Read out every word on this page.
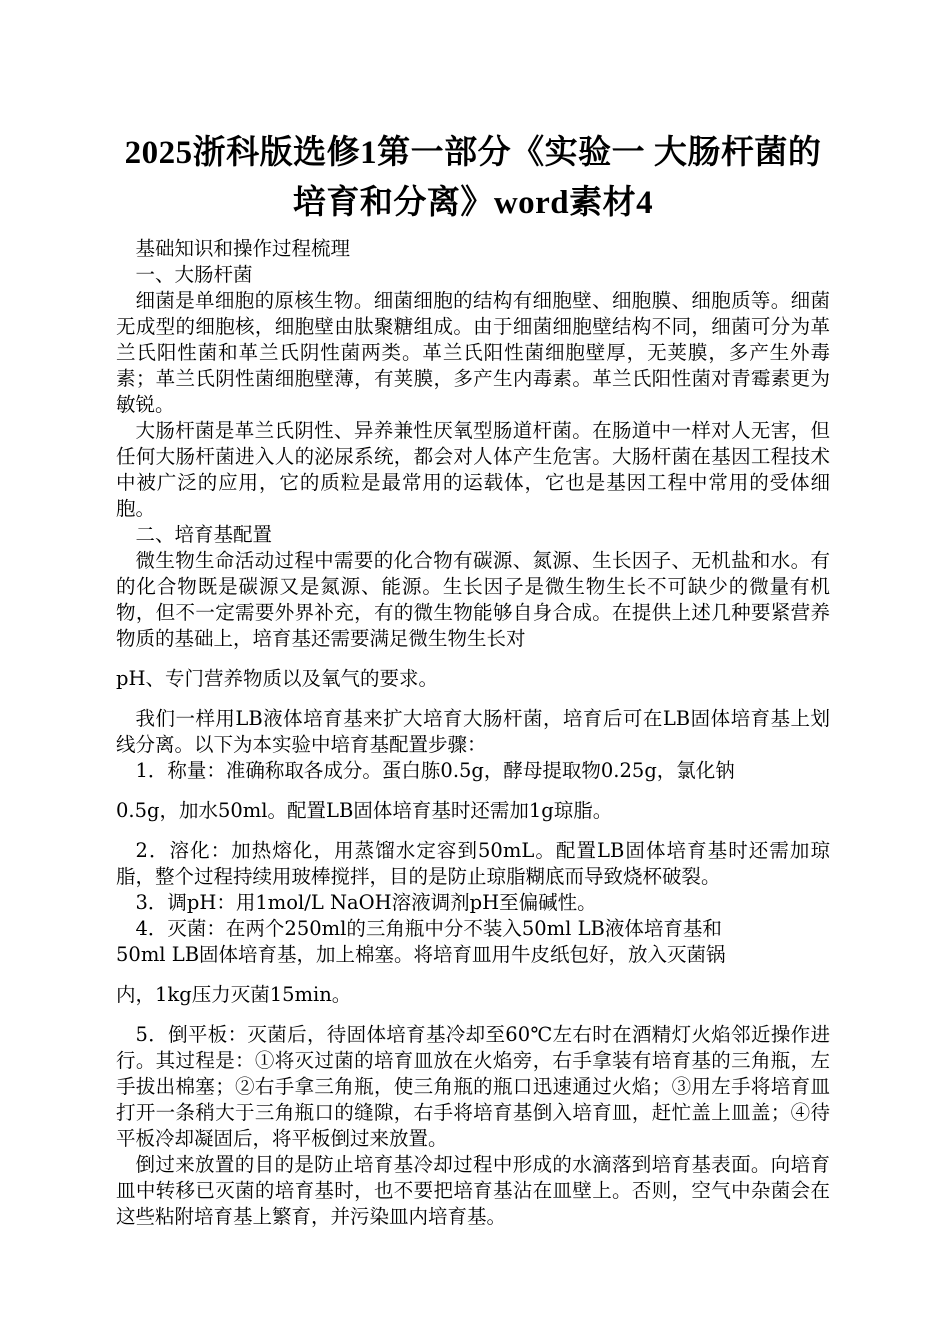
2025浙科版选修1第一部分《实验一 大肠杆菌的培育和分离》word素材4

基础知识和操作过程梳理

一、大肠杆菌

细菌是单细胞的原核生物。细菌细胞的结构有细胞壁、细胞膜、细胞质等。细菌无成型的细胞核，细胞壁由肽聚糖组成。由于细菌细胞壁结构不同，细菌可分为革兰氏阳性菌和革兰氏阴性菌两类。革兰氏阳性菌细胞壁厚，无荚膜，多产生外毒素；革兰氏阴性菌细胞壁薄，有荚膜，多产生内毒素。革兰氏阳性菌对青霉素更为敏锐。

大肠杆菌是革兰氏阴性、异养兼性厌氧型肠道杆菌。在肠道中一样对人无害，但任何大肠杆菌进入人的泌尿系统，都会对人体产生危害。大肠杆菌在基因工程技术中被广泛的应用，它的质粒是最常用的运载体，它也是基因工程中常用的受体细胞。

二、培育基配置

微生物生命活动过程中需要的化合物有碳源、氮源、生长因子、无机盐和水。有的化合物既是碳源又是氮源、能源。生长因子是微生物生长不可缺少的微量有机物，但不一定需要外界补充，有的微生物能够自身合成。在提供上述几种要紧营养物质的基础上，培育基还需要满足微生物生长对

pH、专门营养物质以及氧气的要求。

我们一样用LB液体培育基来扩大培育大肠杆菌，培育后可在LB固体培育基上划线分离。以下为本实验中培育基配置步骤：

1．称量：准确称取各成分。蛋白胨0.5g，酵母提取物0.25g，氯化钠

0.5g，加水50ml。配置LB固体培育基时还需加1g琼脂。

2．溶化：加热熔化，用蒸馏水定容到50mL。配置LB固体培育基时还需加琼脂，整个过程持续用玻棒搅拌，目的是防止琼脂糊底而导致烧杯破裂。

3．调pH：用1mol/L NaOH溶液调剂pH至偏碱性。

4．灭菌：在两个250ml的三角瓶中分不装入50ml LB液体培育基和

50ml LB固体培育基，加上棉塞。将培育皿用牛皮纸包好，放入灭菌锅

内，1kg压力灭菌15min。

5．倒平板：灭菌后，待固体培育基冷却至60℃左右时在酒精灯火焰邻近操作进行。其过程是：①将灭过菌的培育皿放在火焰旁，右手拿装有培育基的三角瓶，左手拔出棉塞；②右手拿三角瓶，使三角瓶的瓶口迅速通过火焰；③用左手将培育皿打开一条稍大于三角瓶口的缝隙，右手将培育基倒入培育皿，赶忙盖上皿盖；④待平板冷却凝固后，将平板倒过来放置。

倒过来放置的目的是防止培育基冷却过程中形成的水滴落到培育基表面。向培育皿中转移已灭菌的培育基时，也不要把培育基沾在皿壁上。否则，空气中杂菌会在这些粘附培育基上繁育，并污染皿内培育基。
